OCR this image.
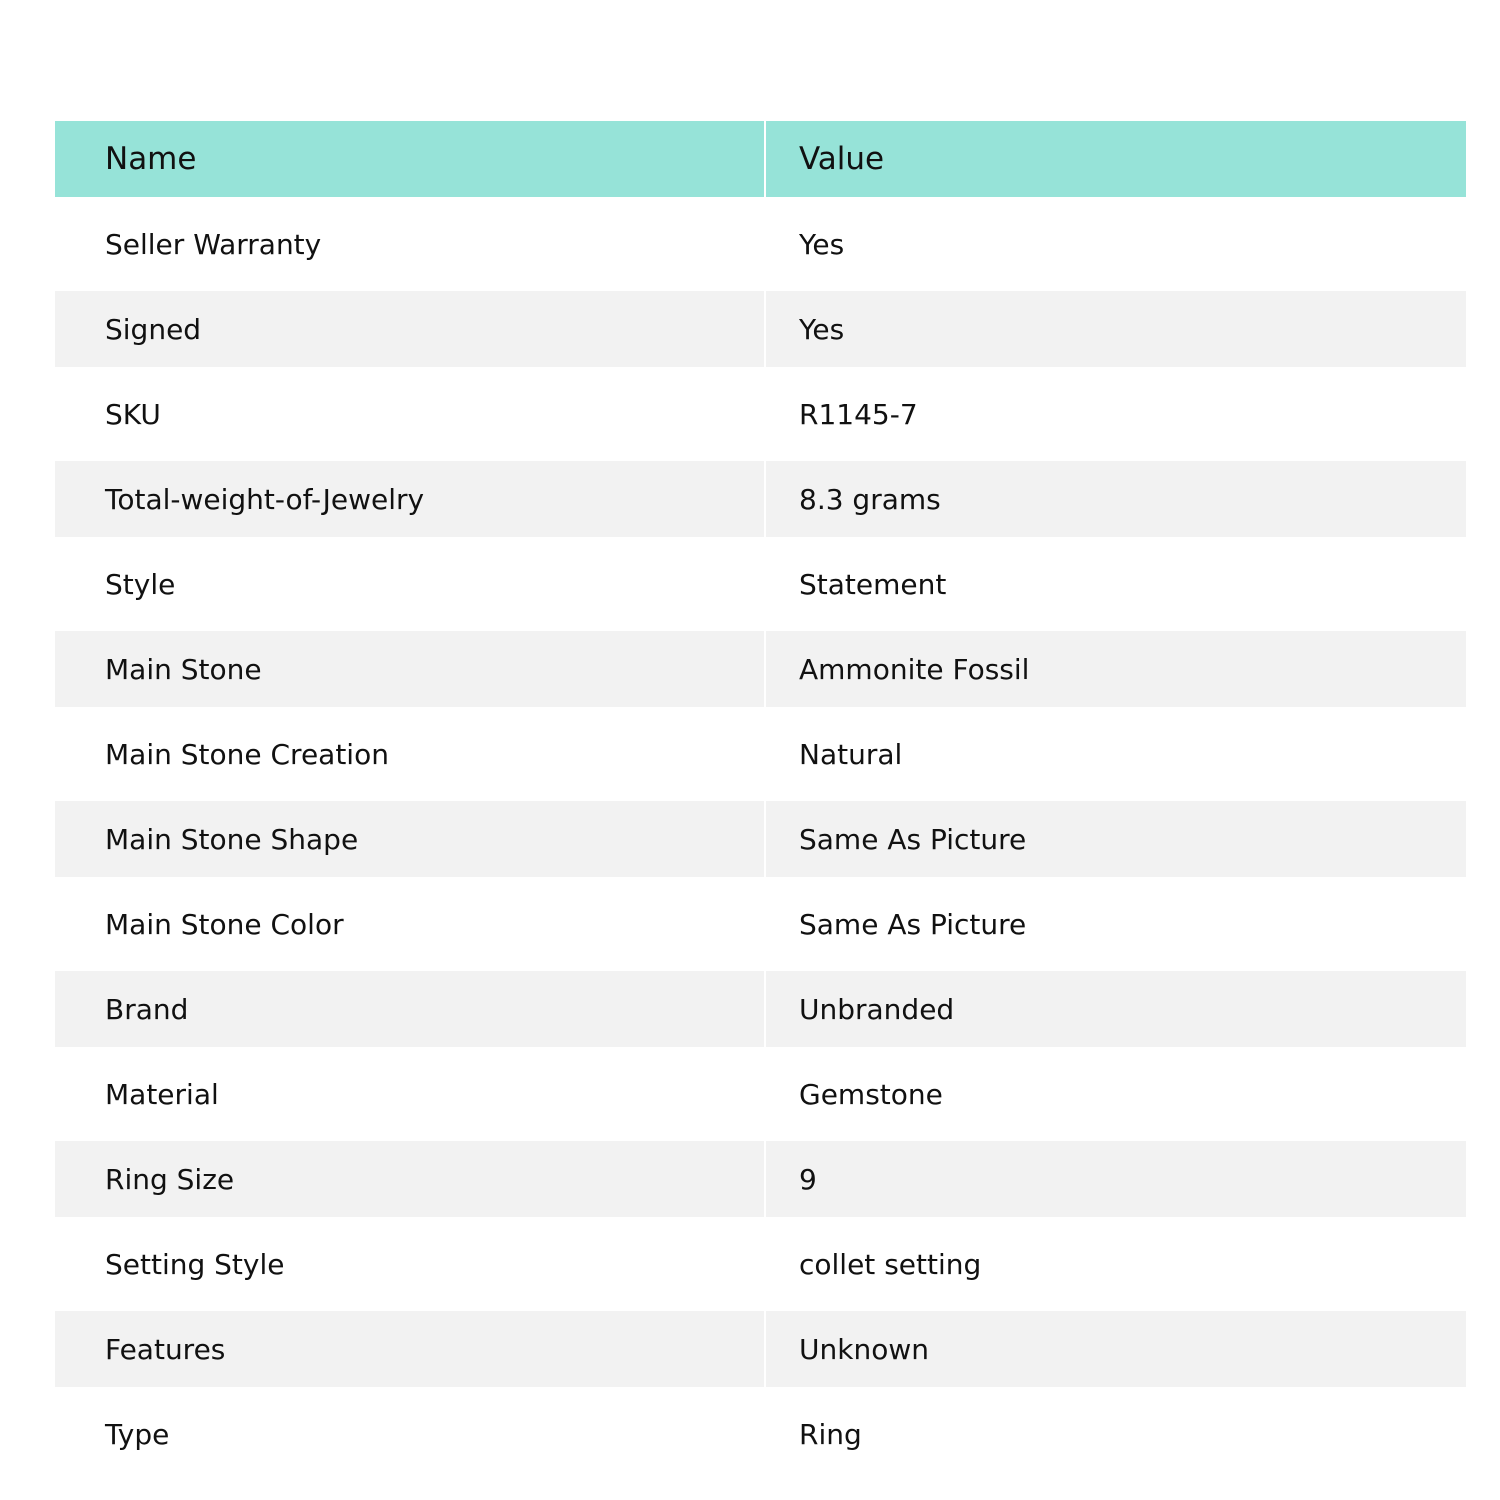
Name	Value
Seller Warranty	Yes
Signed	Yes
SKU	R1145-7
Total-weight-of-Jewelry	8.3 grams
Style	Statement
Main Stone	Ammonite Fossil
Main Stone Creation	Natural
Main Stone Shape	Same As Picture
Main Stone Color	Same As Picture
Brand	Unbranded
Material	Gemstone
Ring Size	9
Setting Style	collet setting
Features	Unknown
Type	Ring
